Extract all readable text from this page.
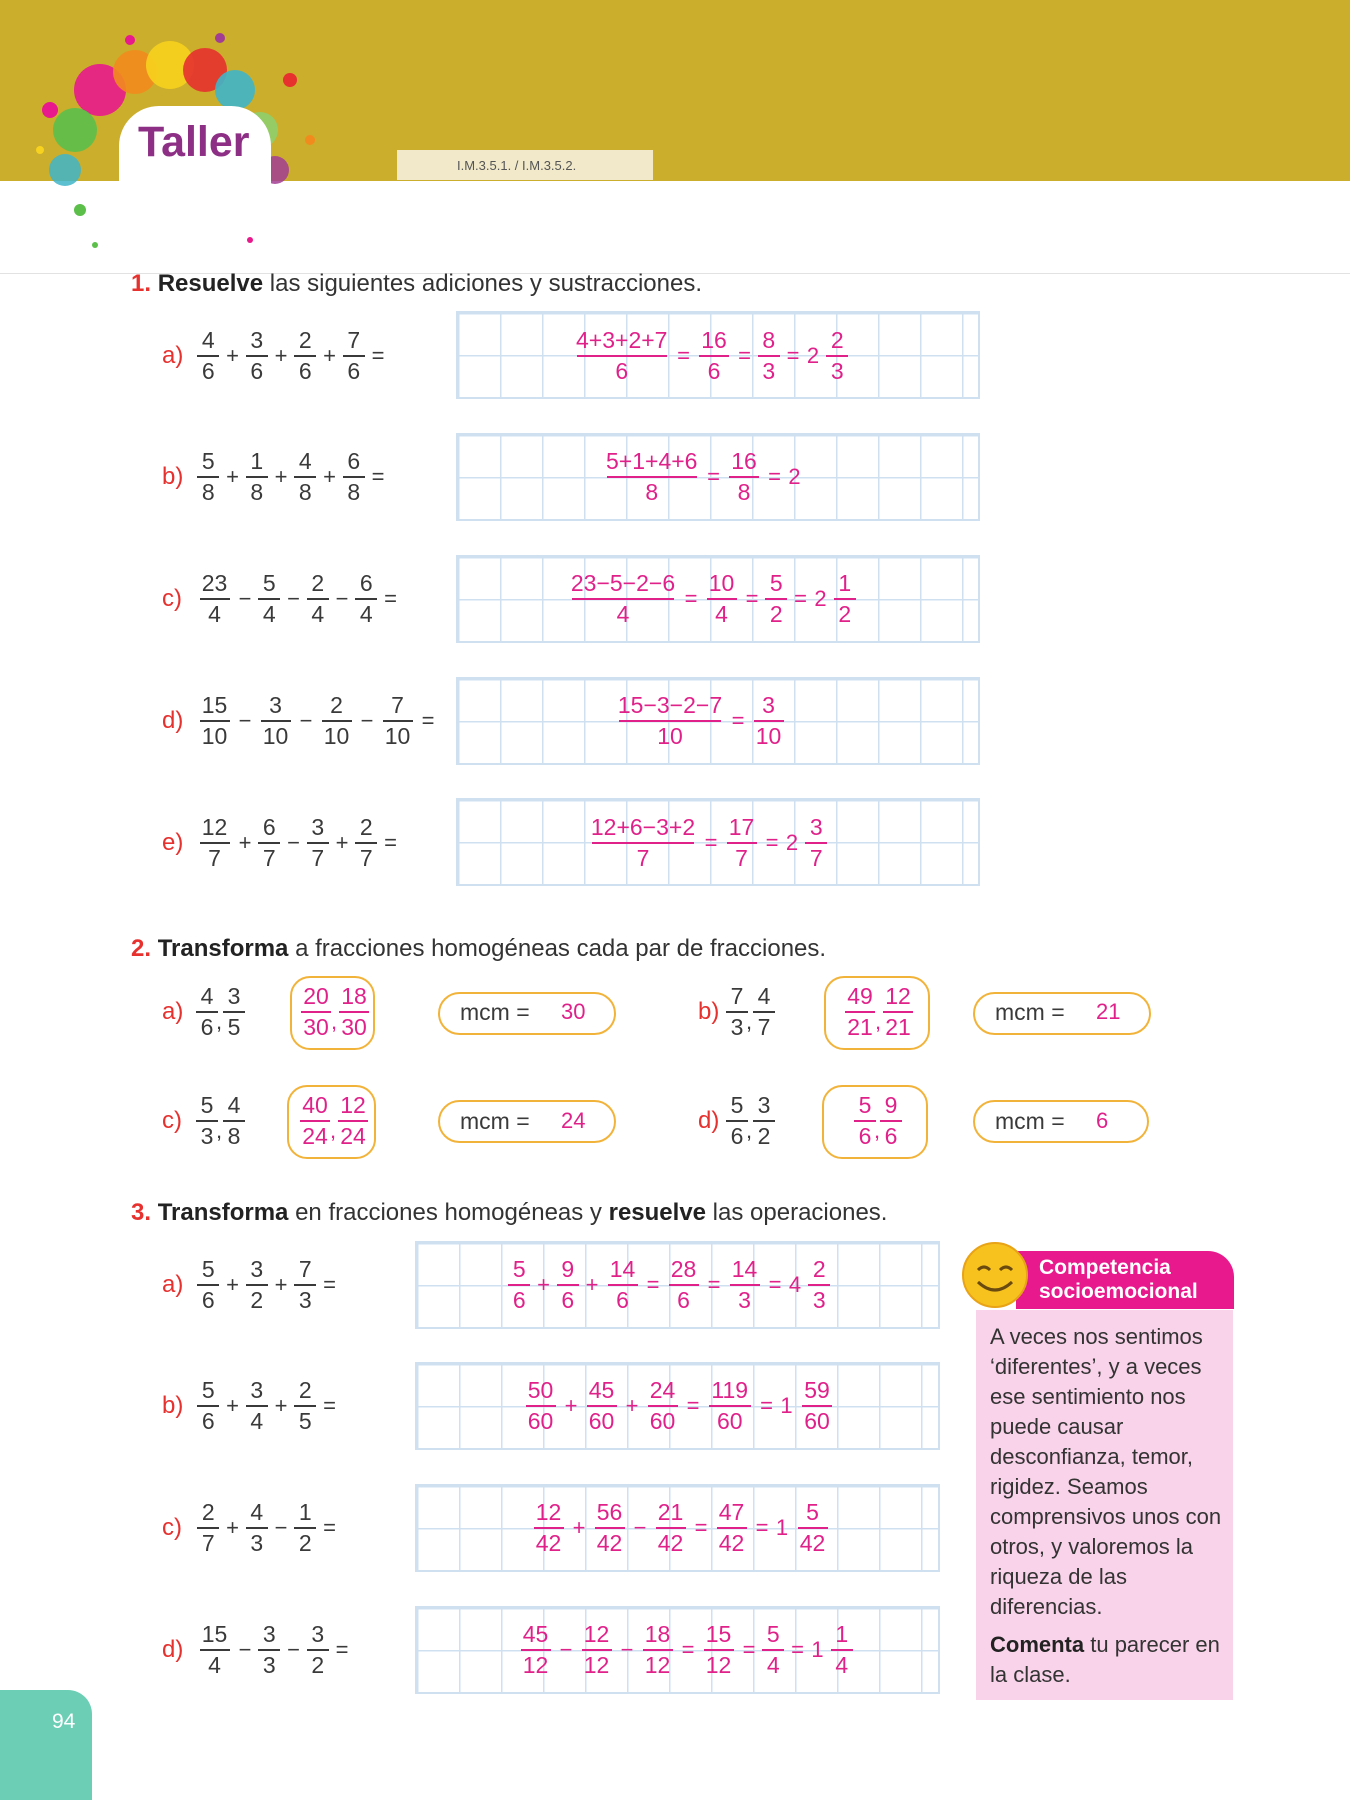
Taller	I.M.3.5.1. / I.M.3.5.2.
1. Resuelve las siguientes adiciones y sustracciones.
2. Transforma a fracciones homogéneas cada par de fracciones.
3. Transforma en fracciones homogéneas y resuelve las operaciones.
a)
4
6
+
3
6
+
2
6
+
7
6
=
4+3+2+7
6
=
16
6
=
8
3
= 2
2
3
b)
5
8
+
1
8
+
4
8
+
6
8
=
5+1+4+6
8
=
16
8
= 2
c)
23
4
−
5
4
−
2
4
−
6
4
=
23−5−2−6
4
=
10
4
=
5
2
= 2
1
2
d)
15
10
−
3
10
−
2
10
−
7
10
=
15−3−2−7
10
=
3
10
e)
12
7
+
6
7
−
3
7
+
2
7
=
12+6−3+2
7
=
17
7
= 2
3
7
a)
4
6 ,
3
5
20
30 ,
18
30
mcm = 30	b)
7
3 ,
4
7
49
21 ,
12
21
mcm = 21
c)
5
3 ,
4
8
40
24 ,
12
24
mcm = 24	d)
5
6 ,
3
2
5
6 ,
9
6
mcm = 6
a)
5
6
+
3
2
+
7
3
=
5
6
+
9
6
+
14
6
=
28
6
=
14
3
= 4
2
3
b)
5
6
+
3
4
+
2
5
=
50
60
+
45
60
+
24
60
=
119
60
= 1
59
60
c)
2
7
+
4
3
−
1
2
=
12
42
+
56
42
−
21
42
=
47
42
= 1
5
42
d)
15
4
−
3
3
−
3
2
=
45
12
−
12
12
−
18
12
=
15
12
=
5
4
= 1
1
4
Competencia
socioemocional

A veces nos sentimos ‘diferentes’, y a veces ese sentimiento nos puede causar desconfianza, temor, rigidez. Seamos comprensivos unos con otros, y valoremos la riqueza de las diferencias.

Comenta tu parecer en la clase.

94
